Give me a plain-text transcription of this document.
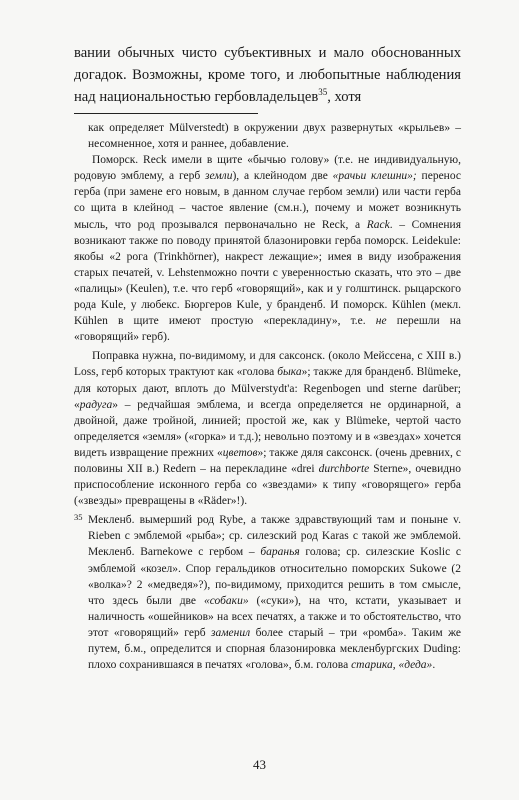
вании обычных чисто субъективных и мало обоснованных догадок. Возможны, кроме того, и любопытные наблюдения над национальностью гербовладельцев$^{35}$, хотя

как определяет Mülverstedt) в окружении двух развернутых «крыльев» – несомненное, хотя и раннее, добавление.

Поморск. Reck имели в щите «бычью голову» (т.е. не индивидуальную, родовую эмблему, а герб земли), а клейнодом две «рачьи клешни»; перенос герба (при замене его новым, в данном случае гербом земли) или части герба со щита в клейнод – частое явление (см.н.), почему и может возникнуть мысль, что род прозывался первоначально не Reck, а Rack. – Сомнения возникают также по поводу принятой блазонировки герба поморск. Leidekule: якобы «2 рога (Trinkhörner), накрест лежащие»; имея в виду изображения старых печатей, v. Lehstenможно почти с уверенностью сказать, что это – две «палицы» (Keulen), т.е. что герб «говорящий», как и у голштинск. рыцарского рода Kule, у любекс. Бюргеров Kule, у бранденб. И поморск. Kühlen (мекл. Kühlen в щите имеют простую «перекладину», т.е. не перешли на «говорящий» герб).

Поправка нужна, по-видимому, и для саксонск. (около Мейссена, с XIII в.) Loss, герб которых трактуют как «голова быка»; также для бранденб. Blümeke, для которых дают, вплоть до Mülverstydt'a: Regenbogen und sterne darüber; «радуга» – редчайшая эмблема, и всегда определяется не ординарной, а двойной, даже тройной, линией; простой же, как у Blümeke, чертой часто определяется «земля» («горка» и т.д.); невольно поэтому и в «звездах» хочется видеть извращение прежних «цветов»; также дяля саксонск. (очень древних, с половины XII в.) Redern – на перекладине «drei durchborte Sterne», очевидно приспособление исконного герба со «звездами» к типу «говорящего» герба («звезды» превращены в «Räder»!).

35 Мекленб. вымерший род Rybe, а также здравствующий там и поныне v. Rieben с эмблемой «рыба»; ср. силезский род Karas с такой же эмблемой. Мекленб. Barnekowe с гербом – баранья голова; ср. силезские Koslic с эмблемой «козел». Спор геральдиков относительно поморских Sukowe (2 «волка»? 2 «медведя»?), по-видимому, приходится решить в том смысле, что здесь были две «собаки» («суки»), на что, кстати, указывает и наличность «ошейников» на всех печатях, а также и то обстоятельство, что этот «говорящий» герб заменил более старый – три «ромба». Таким же путем, б.м., определится и спорная блазонировка мекленбургских Duding: плохо сохранившаяся в печатях «голова», б.м. голова старика, «деда».

43
